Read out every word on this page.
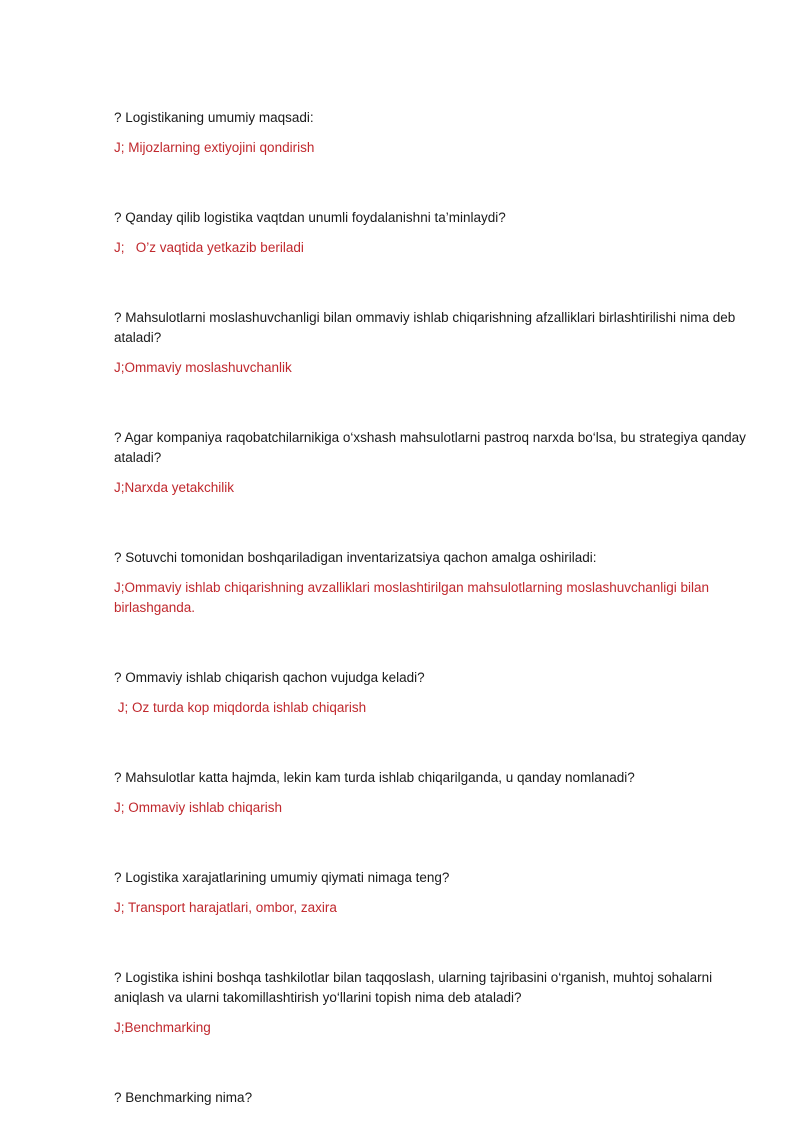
? Logistikaning umumiy maqsadi:

J; Mijozlarning extiyojini qondirish

? Qanday qilib logistika vaqtdan unumli foydalanishni ta’minlaydi?

J;   O’z vaqtida yetkazib beriladi

? Mahsulotlarni moslashuvchanligi bilan ommaviy ishlab chiqarishning afzalliklari birlashtirilishi nima deb ataladi?

J;Ommaviy moslashuvchanlik

? Agar kompaniya raqobatchilarnikiga o‘xshash mahsulotlarni pastroq narxda bo‘lsa, bu strategiya qanday ataladi?

J;Narxda yetakchilik

? Sotuvchi tomonidan boshqariladigan inventarizatsiya qachon amalga oshiriladi:

J;Ommaviy ishlab chiqarishning avzalliklari moslashtirilgan mahsulotlarning moslashuvchanligi bilan birlashganda.

? Ommaviy ishlab chiqarish qachon vujudga keladi?

J; Oz turda kop miqdorda ishlab chiqarish

? Mahsulotlar katta hajmda, lekin kam turda ishlab chiqarilganda, u qanday nomlanadi?

J; Ommaviy ishlab chiqarish

? Logistika xarajatlarining umumiy qiymati nimaga teng?

J; Transport harajatlari, ombor, zaxira

? Logistika ishini boshqa tashkilotlar bilan taqqoslash, ularning tajribasini o‘rganish, muhtoj sohalarni aniqlash va ularni takomillashtirish yo‘llarini topish nima deb ataladi?

J;Benchmarking

? Benchmarking nima?
